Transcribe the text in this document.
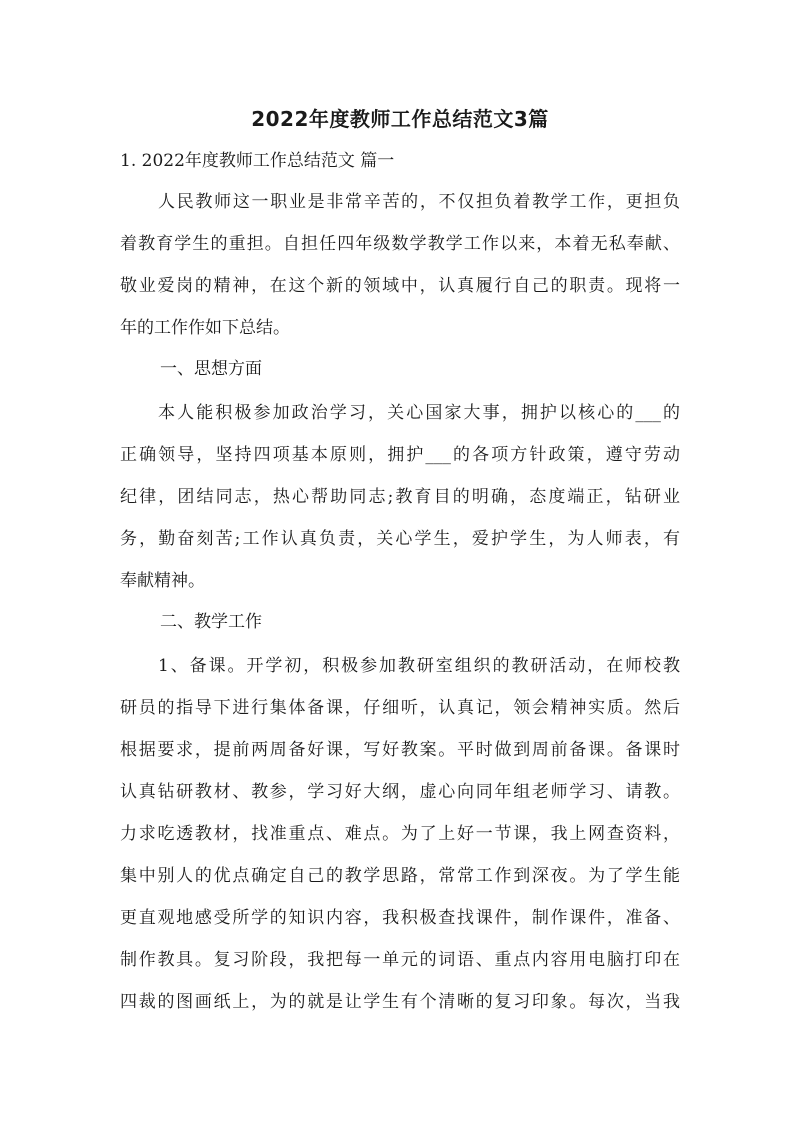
2022年度教师工作总结范文3篇
1. 2022年度教师工作总结范文 篇一
人民教师这一职业是非常辛苦的，不仅担负着教学工作，更担负
着教育学生的重担。自担任四年级数学教学工作以来，本着无私奉献、
敬业爱岗的精神，在这个新的领域中，认真履行自己的职责。现将一
年的工作作如下总结。
一、思想方面
本人能积极参加政治学习，关心国家大事，拥护以核心的___的
正确领导，坚持四项基本原则，拥护___的各项方针政策，遵守劳动
纪律，团结同志，热心帮助同志;教育目的明确，态度端正，钻研业
务，勤奋刻苦;工作认真负责，关心学生，爱护学生，为人师表，有
奉献精神。
二、教学工作
1、备课。开学初，积极参加教研室组织的教研活动，在师校教
研员的指导下进行集体备课，仔细听，认真记，领会精神实质。然后
根据要求，提前两周备好课，写好教案。平时做到周前备课。备课时
认真钻研教材、教参，学习好大纲，虚心向同年组老师学习、请教。
力求吃透教材，找准重点、难点。为了上好一节课，我上网查资料，
集中别人的优点确定自己的教学思路，常常工作到深夜。为了学生能
更直观地感受所学的知识内容，我积极查找课件，制作课件，准备、
制作教具。复习阶段，我把每一单元的词语、重点内容用电脑打印在
四裁的图画纸上，为的就是让学生有个清晰的复习印象。每次，当我
